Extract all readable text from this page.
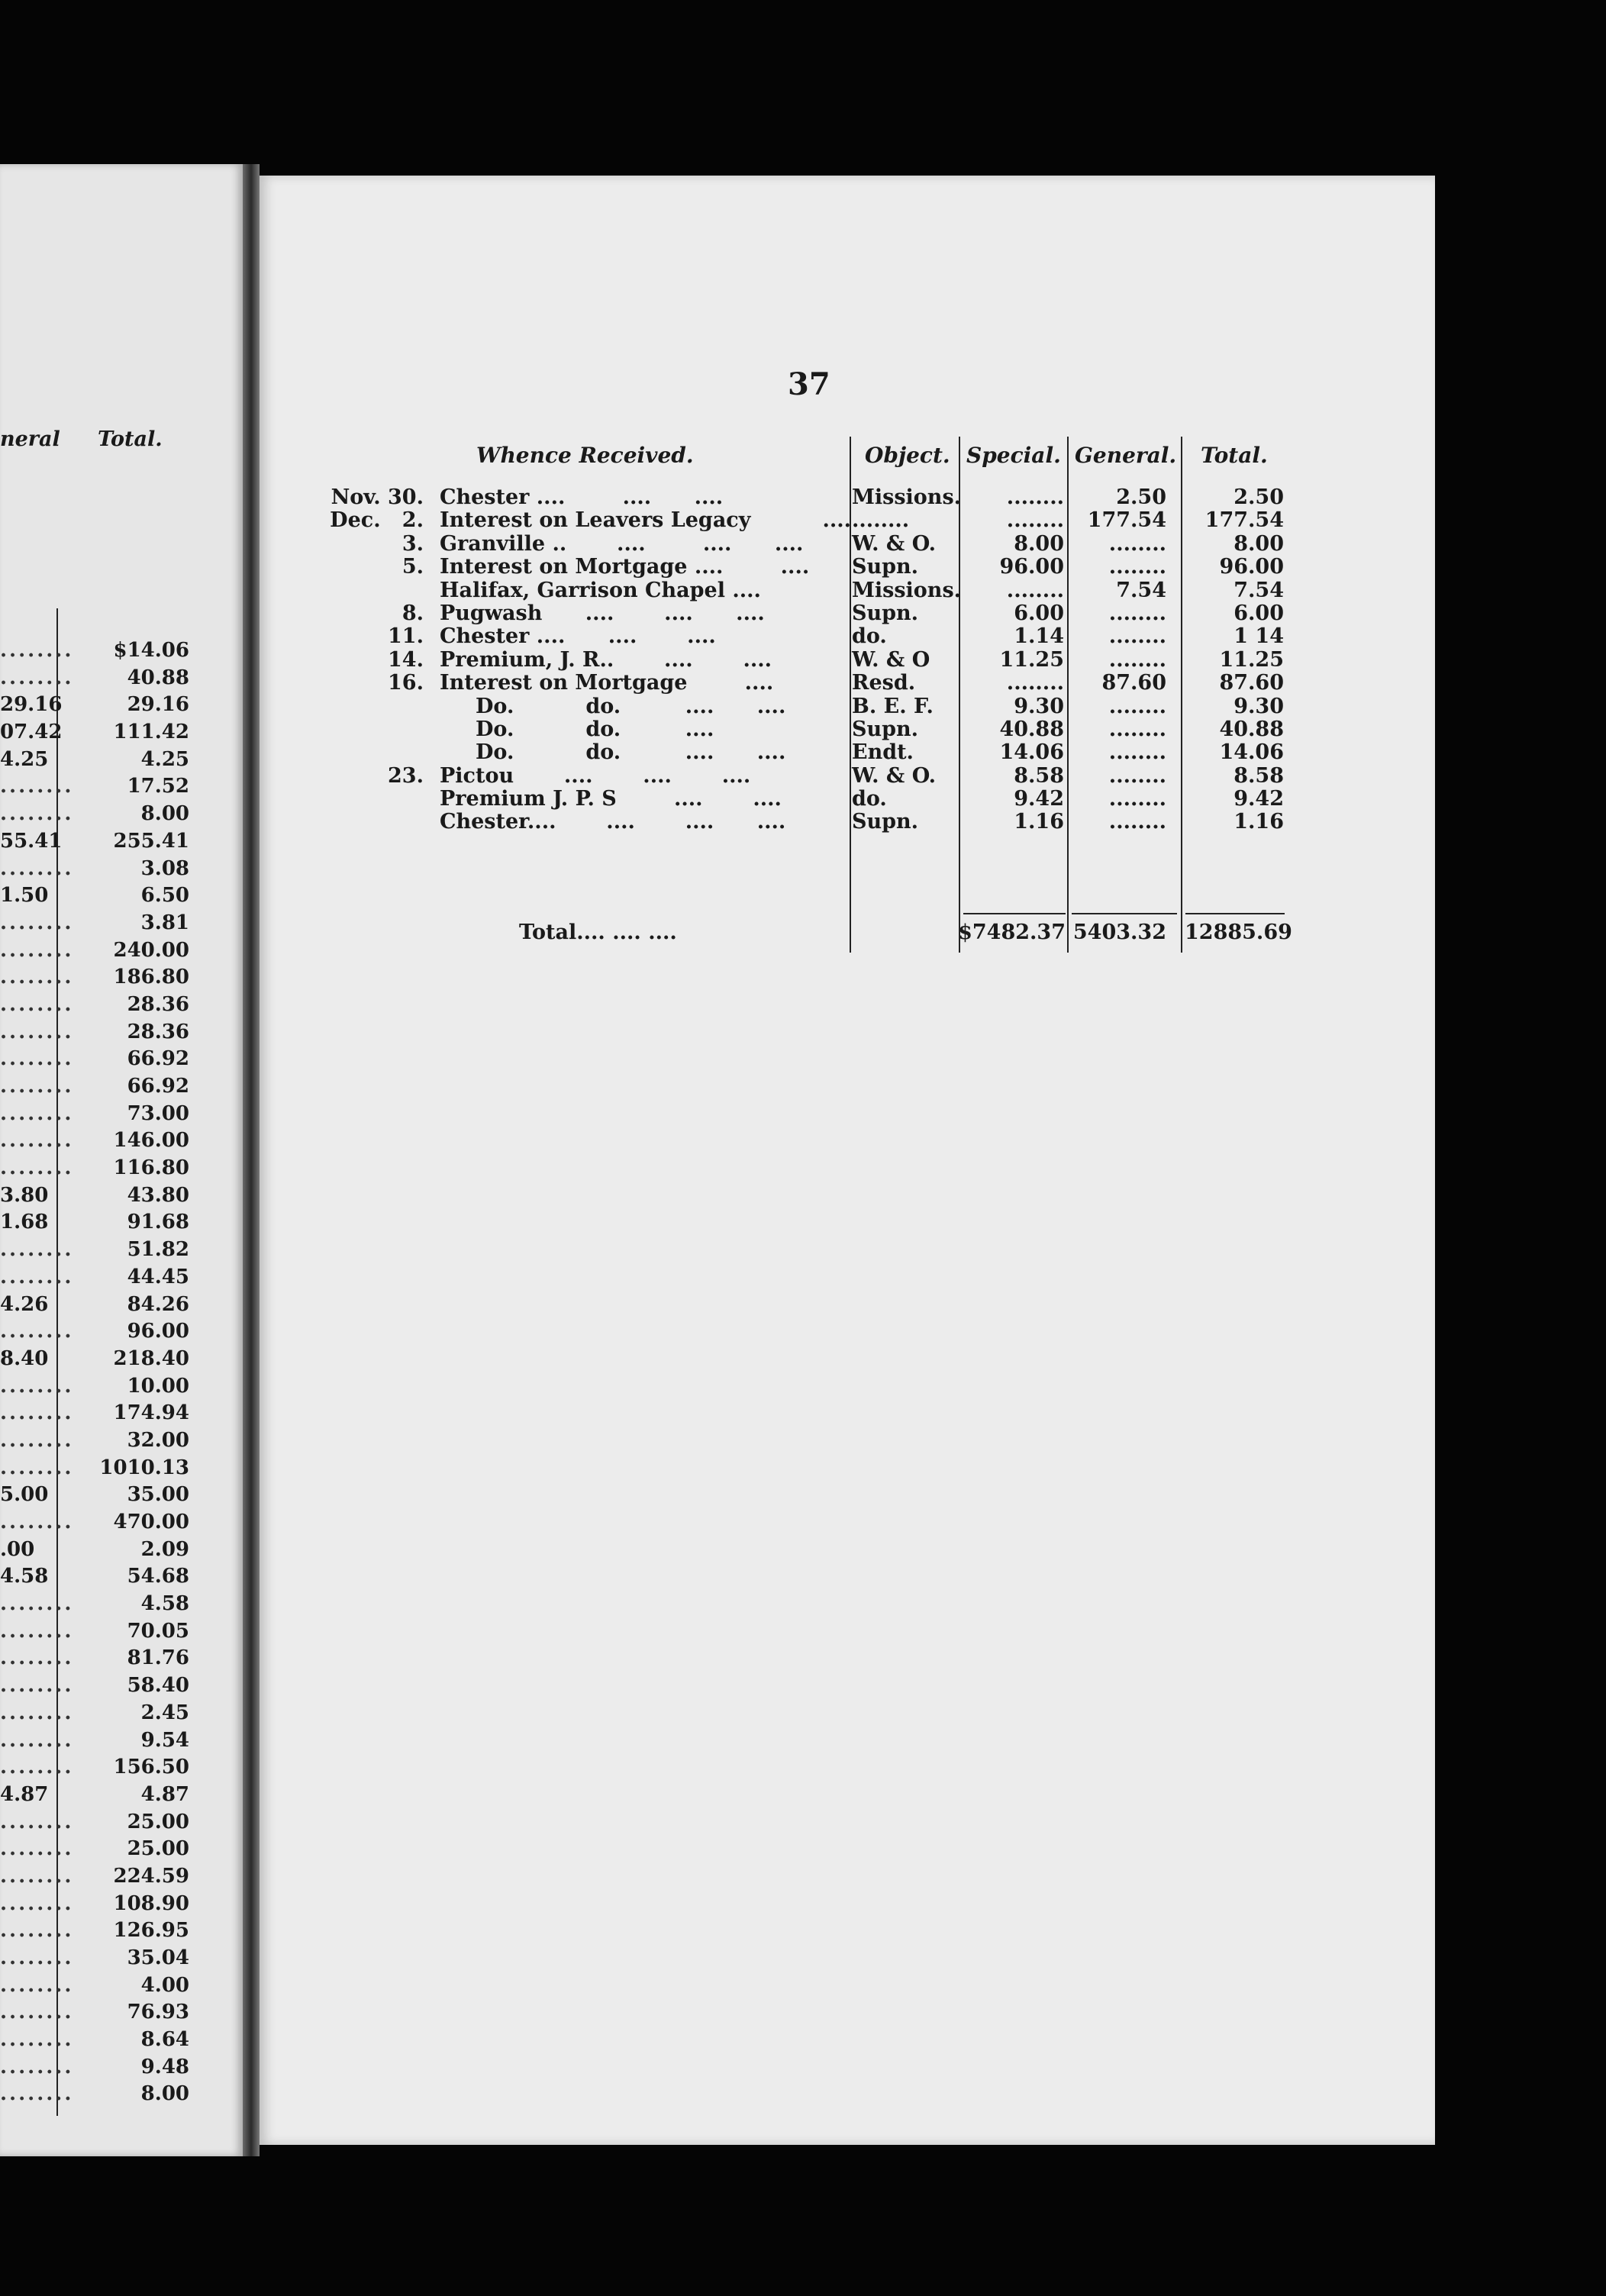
neral Total.
........ $14.06
........	40.88
29.16	29.16
07.42	111.42
4.25	4.25
........	17.52
........	8.00
55.41	255.41
........	3.08
1.50	6.50
........	3.81
........ 240.00
........ 186.80
........	28.36
........	28.36
........	66.92
........	66.92
........	73.00
........ 146.00
........ 116.80
3.80	43.80
1.68	91.68
........	51.82
........	44.45
4.26	84.26
........	96.00
8.40	218.40
........	10.00
........ 174.94
........	32.00
........ 1010.13
5.00	35.00
........ 470.00
.00	2.09
4.58	54.68
........	4.58
........	70.05
........	81.76
........	58.40
........	2.45
........	9.54
........ 156.50
4.87	4.87
........	25.00
........	25.00
........ 224.59
........ 108.90
........ 126.95
........	35.04
........	4.00
........	76.93
........	8.64
........	9.48
........	8.00
37
Whence Received.	Object. Special. General. Total.
Nov. 30. Chester ....        ....      ....	Missions.	........	2.50	2.50
Dec.   2. Interest on Leavers Legacy          .... ........	........	177.54	177.54
3. Granville ..       ....        ....      .... W. & O.	8.00	........	8.00
5. Interest on Mortgage ....        .... Supn.	96.00	........	96.00
Halifax, Garrison Chapel ....	Missions.	........	7.54	7.54
8. Pugwash      ....       ....      ....	Supn.	6.00	........	6.00
11. Chester ....      ....       ....	do.	1.14	........	1 14
14. Premium, J. R..       ....       ....	W. & O	11.25	........	11.25
16. Interest on Mortgage        ....	Resd.	........	87.60	87.60
Do.          do.         ....      ....	B. E. F.	9.30	........	9.30
Do.          do.         ....	Supn.	40.88	........	40.88
Do.          do.         ....      ....	Endt.	14.06	........	14.06
23. Pictou       ....       ....       ....	W. & O.	8.58	........	8.58
Premium J. P. S        ....       ....	do.	9.42	........	9.42
Chester....       ....       ....      ....	Supn.	1.16	........	1.16
Total.... .... ....	$7482.37 5403.32 12885.69
